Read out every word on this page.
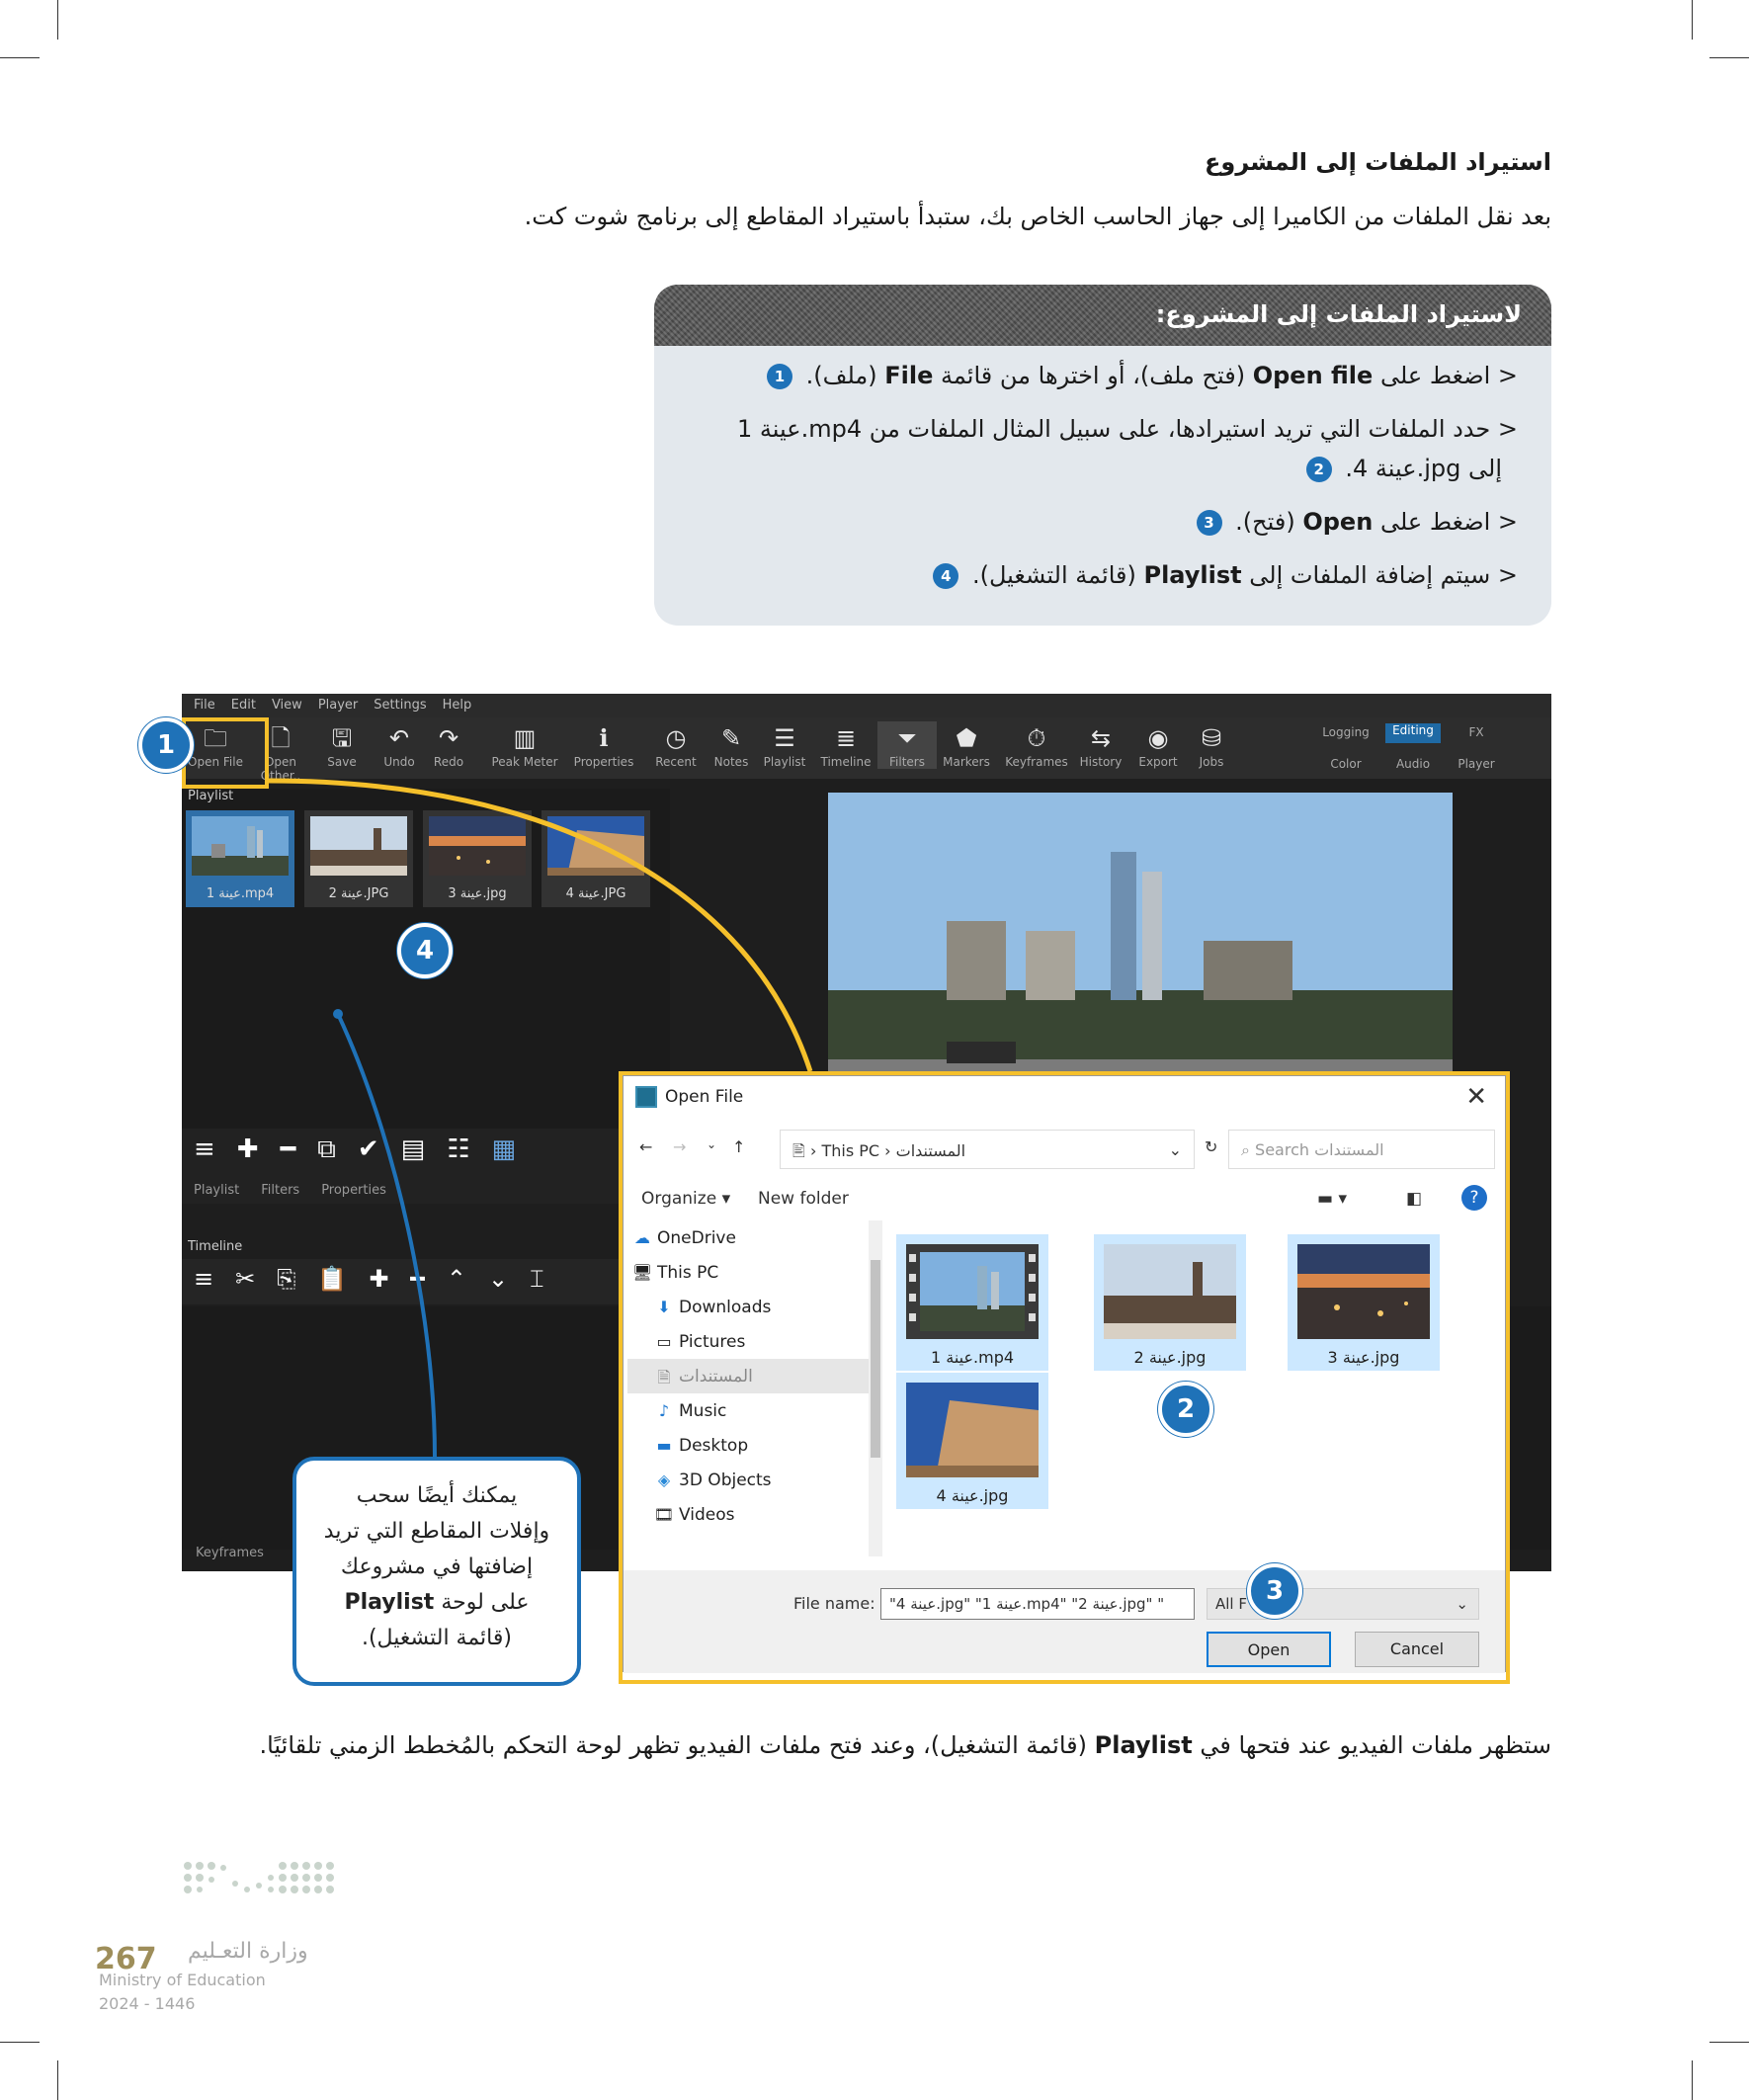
استيراد الملفات إلى المشروع
بعد نقل الملفات من الكاميرا إلى جهاز الحاسب الخاص بك، ستبدأ باستيراد المقاطع إلى برنامج شوت كت.
لاستيراد الملفات إلى المشروع:
< اضغط على Open file (فتح ملف)، أو اخترها من قائمة File (ملف). 1
< حدد الملفات التي تريد استيرادها، على سبيل المثال الملفات من mp4.عينة 1
إلى jpg.عينة 4. 2
< اضغط على Open (فتح). 3
< سيتم إضافة الملفات إلى Playlist (قائمة التشغيل). 4
File Edit View Player Settings Help
🗀
Open File
🗋
Open Other..
🖫
Save
↶
Undo
↷
Redo
▥
Peak Meter
ℹ
Properties
◷
Recent
✎
Notes
☰
Playlist
≣
Timeline
⏷
Filters
⬟
Markers
⏱
Keyframes
⇆
History
◉
Export
⛁
Jobs
Logging	Editing	FX
Color	Audio	Player
Playlist
1 عينة.mp4	2 عينة.JPG	3 عينة.jpg	4 عينة.JPG
≡ ✚ ━ ⧉ ✔ ▤ ☷ ▦
Playlist Filters Properties
Timeline
≡ ✂ ⎘ 📋 ✚ ━ ⌃ ⌄ ⌶
Keyframes
Open File	✕
← → ⌄ ↑	🖹 › This PC › المستندات	⌄ ↻	⌕ Search المستندات
Organize ▾ New folder	▬ ▾	◧	?
☁ OneDrive
🖥 This PC
⬇ Downloads
▭ Pictures
🗎 المستندات
♪ Music
▬ Desktop
◈ 3D Objects
🎞 Videos
1 عينة.mp4	2 عينة.jpg	3 عينة.jpg
4 عينة.jpg
File name: "4 عينة.jpg" "1 عينة.mp4" "2 عينة.jpg" "	All F	⌄
Open	Cancel
1
2
3
4
يمكنك أيضًا سحب
وإفلات المقاطع التي تريد
إضافتها في مشروعك
على لوحة Playlist
(قائمة التشغيل).
ستظهر ملفات الفيديو عند فتحها في Playlist (قائمة التشغيل)، وعند فتح ملفات الفيديو تظهر لوحة التحكم بالمُخطط الزمني تلقائيًا.
وزارة التعـليم
267
Ministry of Education
2024 - 1446
